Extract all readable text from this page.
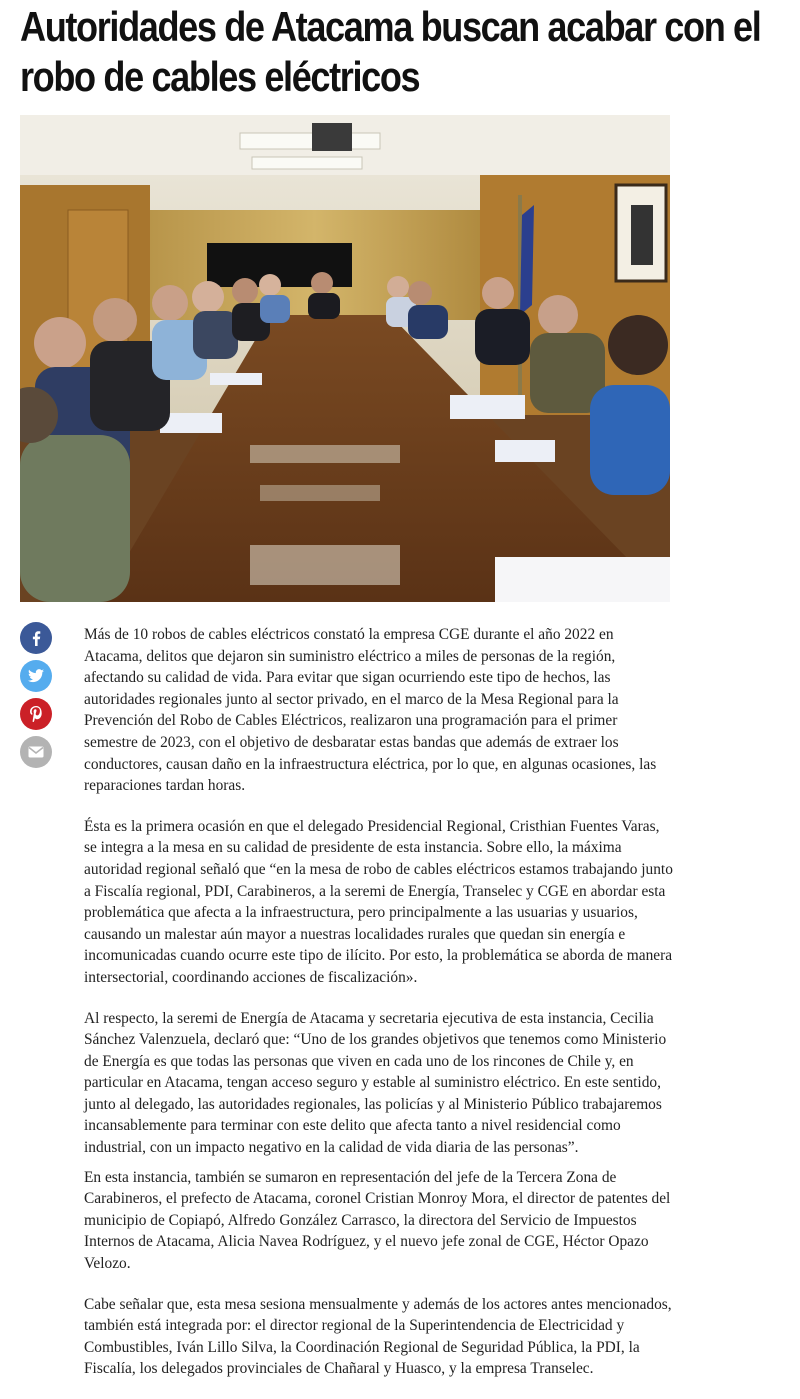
Autoridades de Atacama buscan acabar con el robo de cables eléctricos

Más de 10 robos de cables eléctricos constató la empresa CGE durante el año 2022 en Atacama, delitos que dejaron sin suministro eléctrico a miles de personas de la región, afectando su calidad de vida. Para evitar que sigan ocurriendo este tipo de hechos, las autoridades regionales junto al sector privado, en el marco de la Mesa Regional para la Prevención del Robo de Cables Eléctricos, realizaron una programación para el primer semestre de 2023, con el objetivo de desbaratar estas bandas que además de extraer los conductores, causan daño en la infraestructura eléctrica, por lo que, en algunas ocasiones, las reparaciones tardan horas.

Ésta es la primera ocasión en que el delegado Presidencial Regional, Cristhian Fuentes Varas, se integra a la mesa en su calidad de presidente de esta instancia. Sobre ello, la máxima autoridad regional señaló que “en la mesa de robo de cables eléctricos estamos trabajando junto a Fiscalía regional, PDI, Carabineros, a la seremi de Energía, Transelec y CGE en abordar esta problemática que afecta a la infraestructura, pero principalmente a las usuarias y usuarios, causando un malestar aún mayor a nuestras localidades rurales que quedan sin energía e incomunicadas cuando ocurre este tipo de ilícito. Por esto, la problemática se aborda de manera intersectorial, coordinando acciones de fiscalización».

Al respecto, la seremi de Energía de Atacama y secretaria ejecutiva de esta instancia, Cecilia Sánchez Valenzuela, declaró que: “Uno de los grandes objetivos que tenemos como Ministerio de Energía es que todas las personas que viven en cada uno de los rincones de Chile y, en particular en Atacama, tengan acceso seguro y estable al suministro eléctrico. En este sentido, junto al delegado, las autoridades regionales, las policías y al Ministerio Público trabajaremos incansablemente para terminar con este delito que afecta tanto a nivel residencial como industrial, con un impacto negativo en la calidad de vida diaria de las personas”.

En esta instancia, también se sumaron en representación del jefe de la Tercera Zona de Carabineros, el prefecto de Atacama, coronel Cristian Monroy Mora, el director de patentes del municipio de Copiapó, Alfredo González Carrasco, la directora del Servicio de Impuestos Internos de Atacama, Alicia Navea Rodríguez, y el nuevo jefe zonal de CGE, Héctor Opazo Velozo.

Cabe señalar que, esta mesa sesiona mensualmente y además de los actores antes mencionados, también está integrada por: el director regional de la Superintendencia de Electricidad y Combustibles, Iván Lillo Silva, la Coordinación Regional de Seguridad Pública, la PDI, la Fiscalía, los delegados provinciales de Chañaral y Huasco, y la empresa Transelec.
